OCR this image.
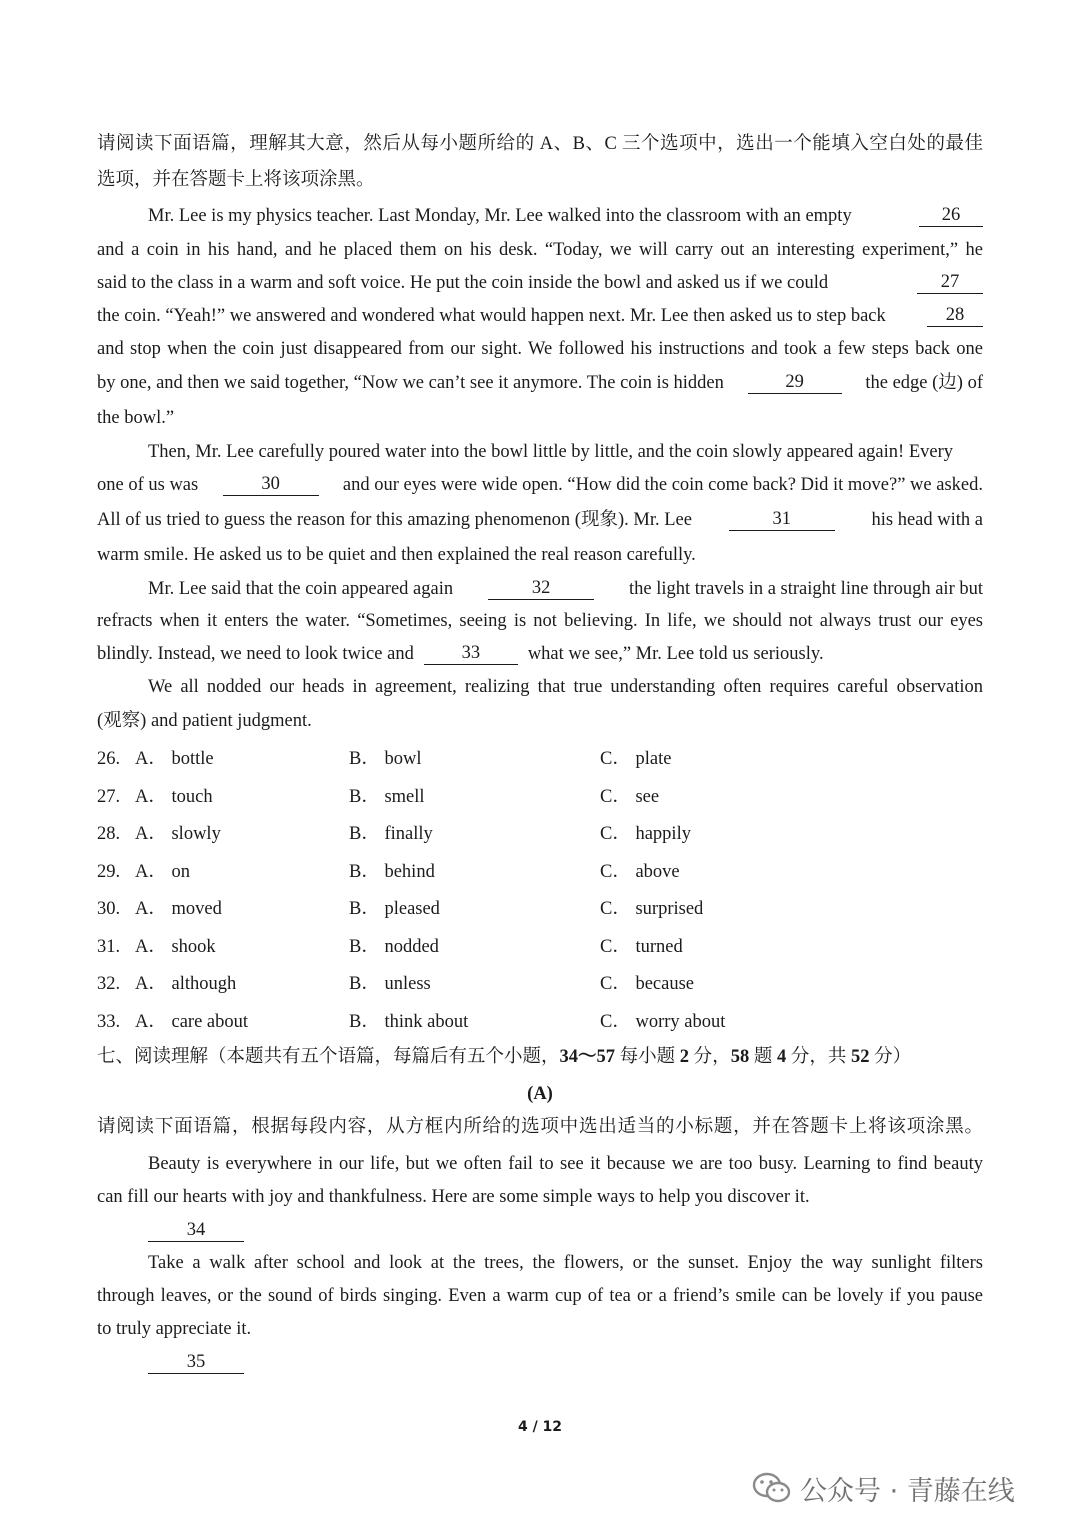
请阅读下面语篇，理解其大意，然后从每小题所给的 A、B、C 三个选项中，选出一个能填入空白处的最佳
选项，并在答题卡上将该项涂黑。
Mr. Lee is my physics teacher. Last Monday, Mr. Lee walked into the classroom with an empty	26
and a coin in his hand, and he placed them on his desk. “Today, we will carry out an interesting experiment,” he
said to the class in a warm and soft voice. He put the coin inside the bowl and asked us if we could	27
the coin. “Yeah!” we answered and wondered what would happen next. Mr. Lee then asked us to step back	28
and stop when the coin just disappeared from our sight. We followed his instructions and took a few steps back one
by one, and then we said together, “Now we can’t see it anymore. The coin is hidden	29	the edge (边) of
the bowl.”
Then, Mr. Lee carefully poured water into the bowl little by little, and the coin slowly appeared again! Every
one of us was	30	and our eyes were wide open. “How did the coin come back? Did it move?” we asked.
All of us tried to guess the reason for this amazing phenomenon (现象). Mr. Lee	31	his head with a
warm smile. He asked us to be quiet and then explained the real reason carefully.
Mr. Lee said that the coin appeared again	32	the light travels in a straight line through air but
refracts when it enters the water. “Sometimes, seeing is not believing. In life, we should not always trust our eyes
blindly. Instead, we need to look twice and	33	what we see,” Mr. Lee told us seriously.
We all nodded our heads in agreement, realizing that true understanding often requires careful observation
(观察) and patient judgment.
26. A． bottle	B． bowl	C． plate
27. A． touch	B． smell	C． see
28. A． slowly	B． finally	C． happily
29. A． on	B． behind	C． above
30. A． moved	B． pleased	C． surprised
31. A． shook	B． nodded	C． turned
32. A． although	B． unless	C． because
33. A． care about	B． think about	C． worry about
七、阅读理解（本题共有五个语篇，每篇后有五个小题，34～57 每小题 2 分，58 题 4 分，共 52 分）
(A)
请阅读下面语篇，根据每段内容，从方框内所给的选项中选出适当的小标题，并在答题卡上将该项涂黑。
Beauty is everywhere in our life, but we often fail to see it because we are too busy. Learning to find beauty
can fill our hearts with joy and thankfulness. Here are some simple ways to help you discover it.
34
Take a walk after school and look at the trees, the flowers, or the sunset. Enjoy the way sunlight filters
through leaves, or the sound of birds singing. Even a warm cup of tea or a friend’s smile can be lovely if you pause
to truly appreciate it.
35
4 / 12
公众号 · 青藤在线
